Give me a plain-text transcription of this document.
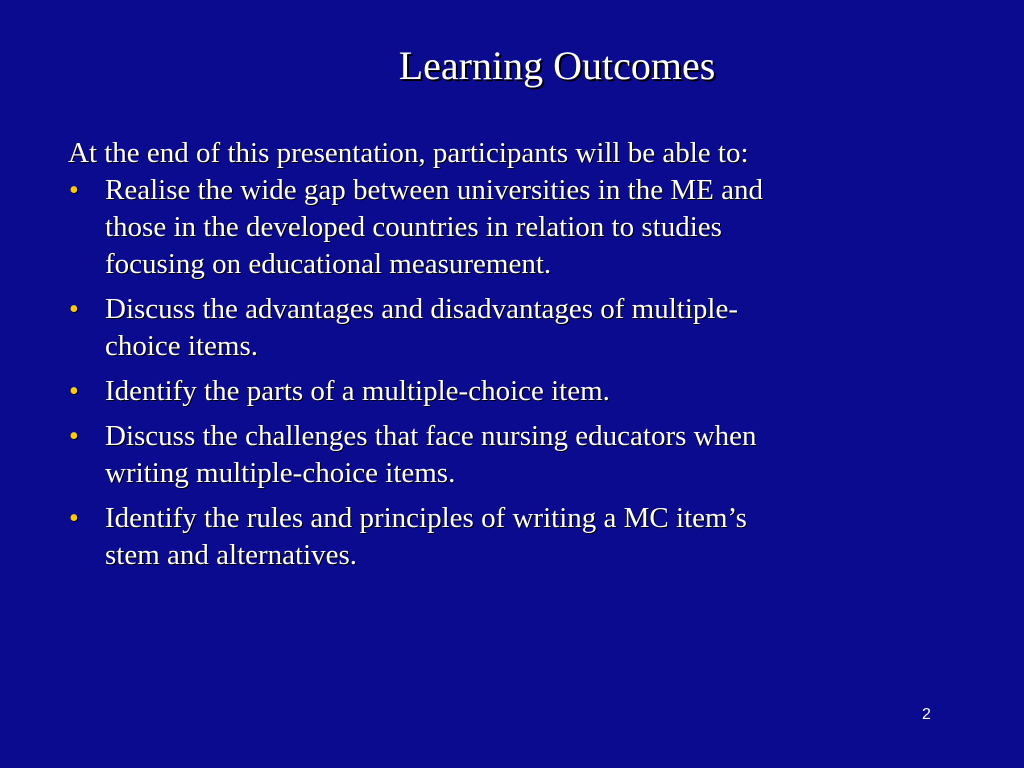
Learning Outcomes
At the end of this presentation, participants will be able to:
• Realise the wide gap between universities in the ME and
those in the developed countries in relation to studies
focusing on educational measurement.
• Discuss the advantages and disadvantages of multiple-
choice items.
• Identify the parts of a multiple-choice item.
• Discuss the challenges that face nursing educators when
writing multiple-choice items.
• Identify the rules and principles of writing a MC item’s
stem and alternatives.
2
